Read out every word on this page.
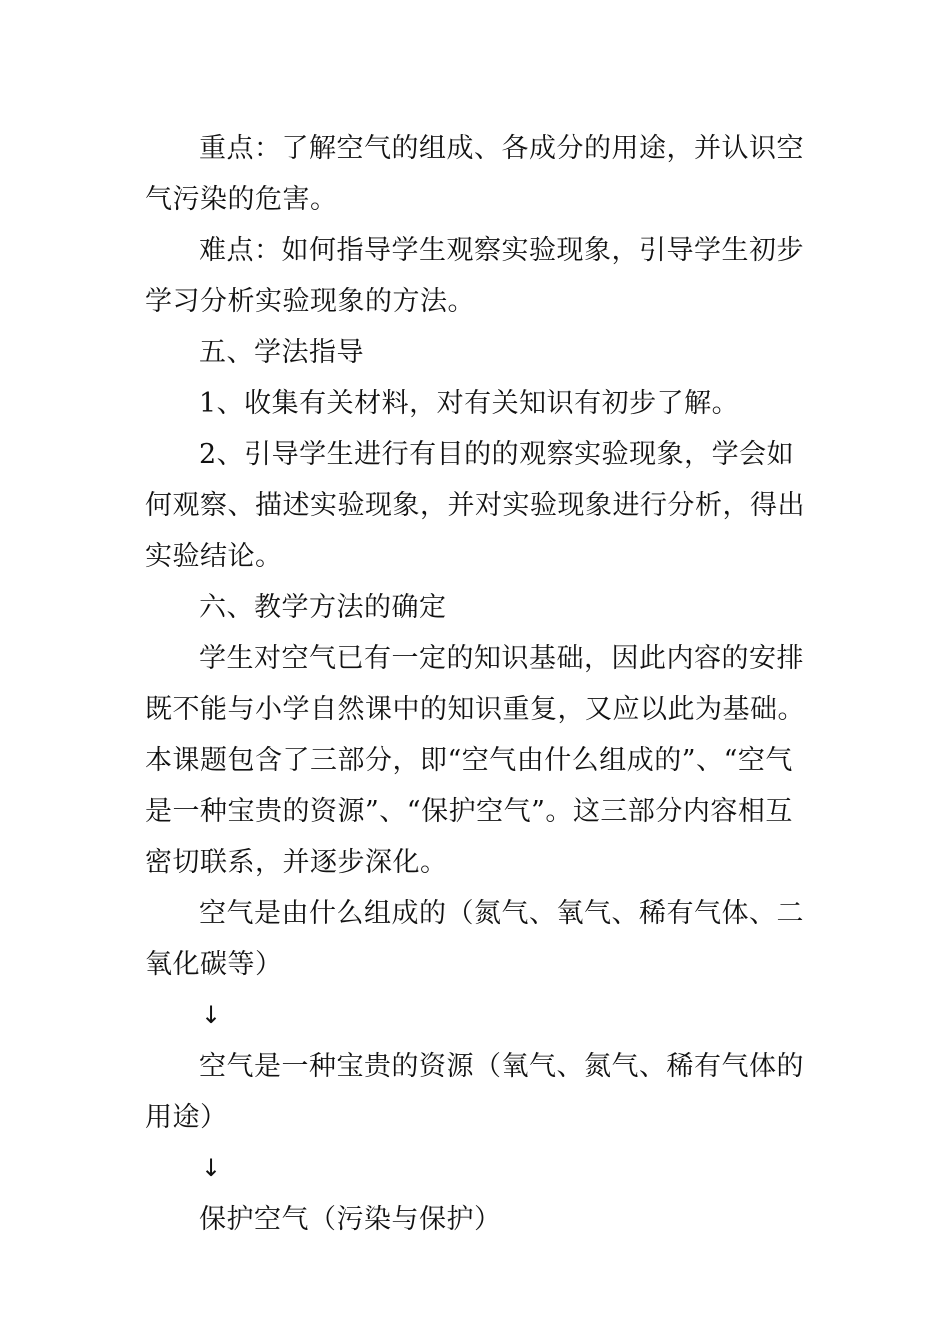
重点：了解空气的组成、各成分的用途，并认识空气污染的危害。

难点：如何指导学生观察实验现象，引导学生初步学习分析实验现象的方法。

五、学法指导

1、收集有关材料，对有关知识有初步了解。

2、引导学生进行有目的的观察实验现象，学会如何观察、描述实验现象，并对实验现象进行分析，得出实验结论。

六、教学方法的确定

学生对空气已有一定的知识基础，因此内容的安排既不能与小学自然课中的知识重复，又应以此为基础。本课题包含了三部分，即“空气由什么组成的”、“空气是一种宝贵的资源”、“保护空气”。这三部分内容相互密切联系，并逐步深化。

空气是由什么组成的（氮气、氧气、稀有气体、二氧化碳等）

↓

空气是一种宝贵的资源（氧气、氮气、稀有气体的用途）

↓

保护空气（污染与保护）
